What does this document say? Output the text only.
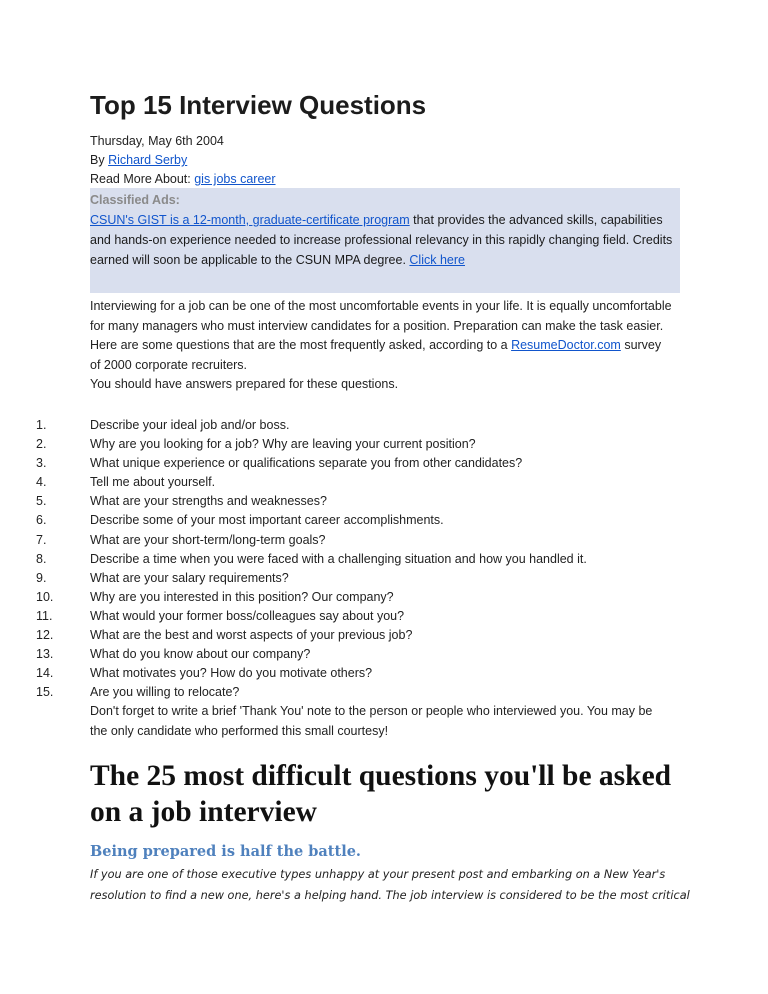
Top 15 Interview Questions
Thursday, May 6th 2004
By Richard Serby
Read More About: gis jobs career
Classified Ads:
CSUN's GIST is a 12-month, graduate-certificate program that provides the advanced skills, capabilities
and hands-on experience needed to increase professional relevancy in this rapidly changing field. Credits
earned will soon be applicable to the CSUN MPA degree. Click here
Interviewing for a job can be one of the most uncomfortable events in your life. It is equally uncomfortable
for many managers who must interview candidates for a position. Preparation can make the task easier.
Here are some questions that are the most frequently asked, according to a ResumeDoctor.com survey
of 2000 corporate recruiters.
You should have answers prepared for these questions.
1.	Describe your ideal job and/or boss.
2.	Why are you looking for a job? Why are leaving your current position?
3.	What unique experience or qualifications separate you from other candidates?
4.	Tell me about yourself.
5.	What are your strengths and weaknesses?
6.	Describe some of your most important career accomplishments.
7.	What are your short-term/long-term goals?
8.	Describe a time when you were faced with a challenging situation and how you handled it.
9.	What are your salary requirements?
10.	Why are you interested in this position? Our company?
11.	What would your former boss/colleagues say about you?
12.	What are the best and worst aspects of your previous job?
13.	What do you know about our company?
14.	What motivates you? How do you motivate others?
15.	Are you willing to relocate?
Don't forget to write a brief 'Thank You' note to the person or people who interviewed you. You may be
the only candidate who performed this small courtesy!
The 25 most difficult questions you'll be asked on a job interview
Being prepared is half the battle.
If you are one of those executive types unhappy at your present post and embarking on a New Year's
resolution to find a new one, here's a helping hand. The job interview is considered to be the most critical
